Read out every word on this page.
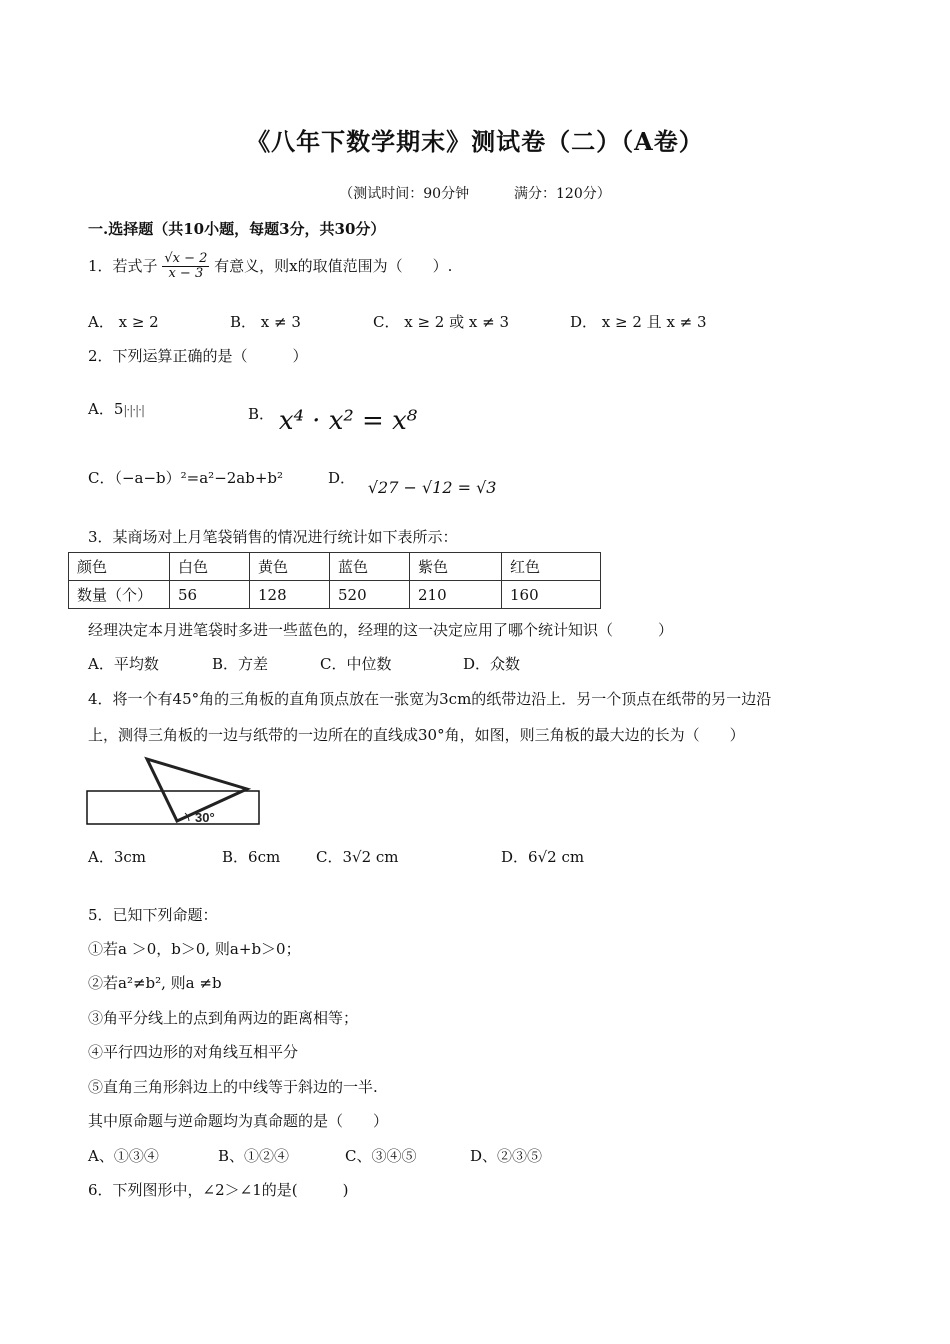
《八年下数学期末》测试卷（二）（A卷）
（测试时间：90分钟	满分：120分）
一.选择题（共10小题，每题3分，共30分）
1．若式子 $\frac{√x - 2}{x - 3}$ 有意义，则x的取值范围为（　　）.
A． x ≥ 2	B． x ≠ 3	C． x ≥ 2 或 x ≠ 3	D． x ≥ 2 且 x ≠ 3
2．下列运算正确的是（　　　）
A．5|·|·|·|	B． x⁴ · x² = x⁸
C．（−a−b）²=a²−2ab+b²	D． √27 − √12 = √3
3．某商场对上月笔袋销售的情况进行统计如下表所示：
颜色	白色	黄色	蓝色	紫色	红色
数量（个）	56	128	520	210	160
经理决定本月进笔袋时多进一些蓝色的，经理的这一决定应用了哪个统计知识（　　　）
A．平均数	B．方差	C．中位数	D．众数
4．将一个有45°角的三角板的直角顶点放在一张宽为3cm的纸带边沿上．另一个顶点在纸带的另一边沿
上，测得三角板的一边与纸带的一边所在的直线成30°角，如图，则三角板的最大边的长为（　　）
30°
A．3cm	B．6cm C．3√2 cm	D．6√2 cm
5．已知下列命题：
①若a ＞0，b＞0, 则a+b＞0；
②若a²≠b², 则a ≠b
③角平分线上的点到角两边的距离相等；
④平行四边形的对角线互相平分
⑤直角三角形斜边上的中线等于斜边的一半.
其中原命题与逆命题均为真命题的是（　　）
A、①③④	B、①②④	C、③④⑤	D、②③⑤
6．下列图形中，∠2＞∠1的是(　　　)
